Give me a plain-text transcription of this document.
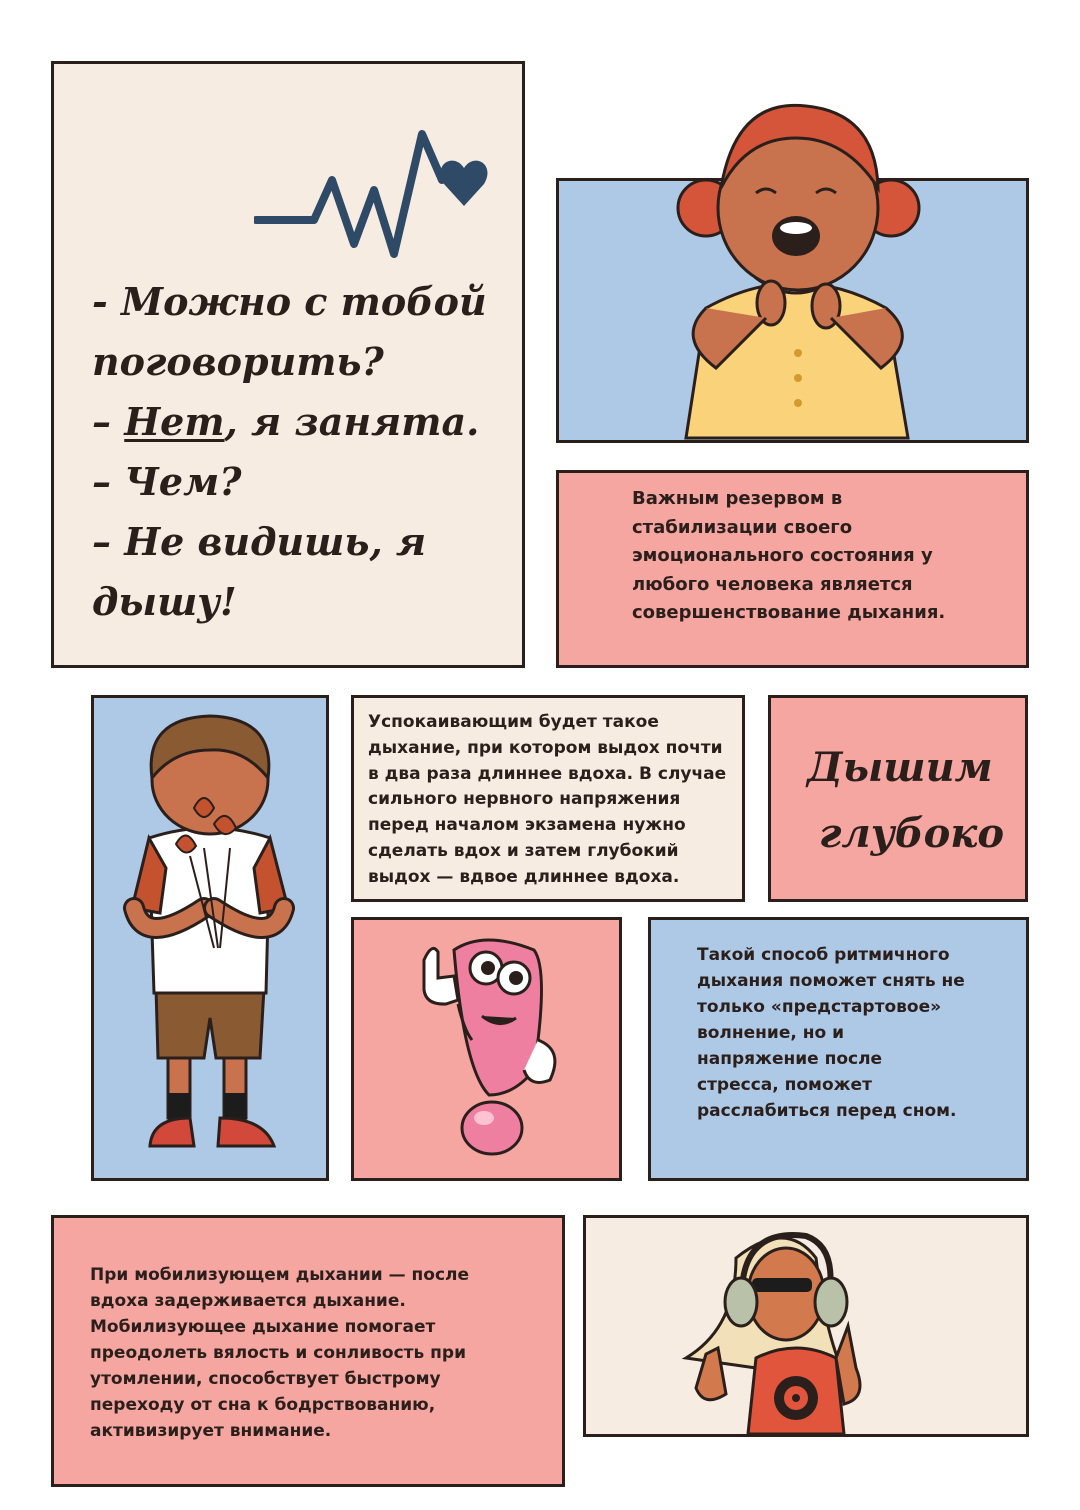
- Можно с тобой
поговорить?
– Нет, я занята.
– Чем?
– Не видишь, я
дышу!
Важным резервом в стабилизации своего эмоционального состояния у любого человека является совершенствование дыхания.
Успокаивающим будет такое дыхание, при котором выдох почти в два раза длиннее вдоха. В случае сильного нервного напряжения перед началом экзамена нужно сделать вдох и затем глубокий выдох — вдвое длиннее вдоха.
Дышим
глубоко
Такой способ ритмичного дыхания поможет снять не только «предстартовое» волнение, но и напряжение после стресса, поможет расслабиться перед сном.
При мобилизующем дыхании — после вдоха задерживается дыхание. Мобилизующее дыхание помогает преодолеть вялость и сонливость при утомлении, способствует быстрому переходу от сна к бодрствованию, активизирует внимание.
